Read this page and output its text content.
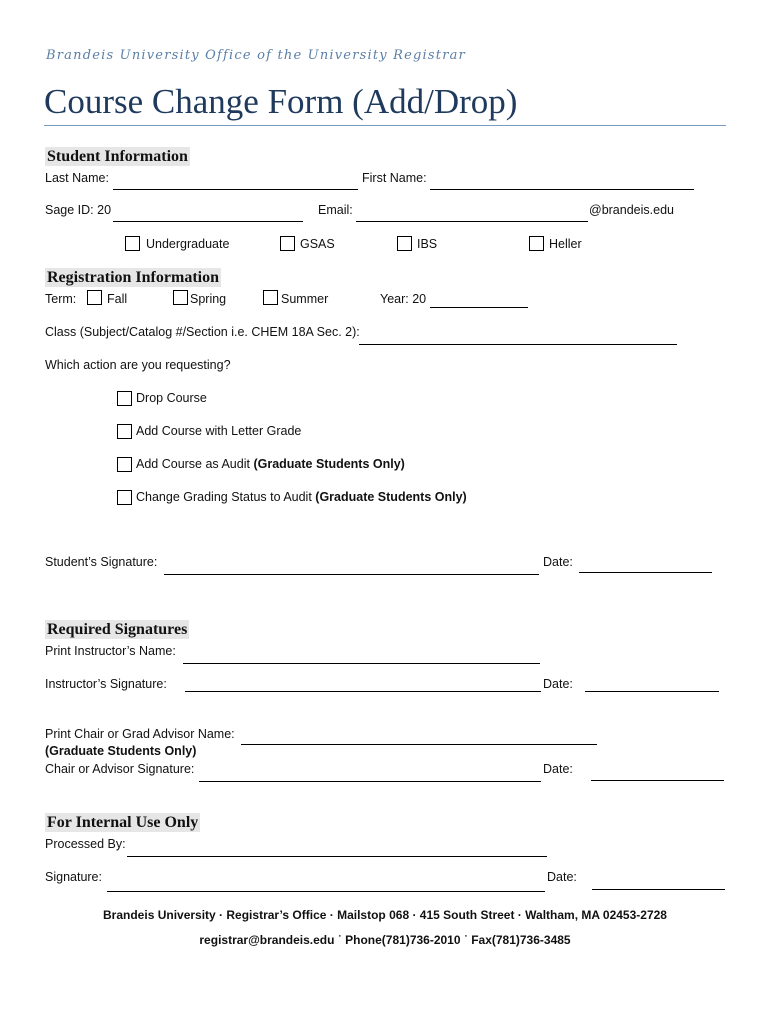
Brandeis University Office of the University Registrar
Course Change Form (Add/Drop)
Student Information
Last Name:	First Name:
Sage ID: 20	Email:	@brandeis.edu
Undergraduate	GSAS	IBS	Heller
Registration Information
Term: Fall	Spring	Summer	Year: 20
Class (Subject/Catalog #/Section i.e. CHEM 18A Sec. 2):
Which action are you requesting?
Drop Course
Add Course with Letter Grade
Add Course as Audit (Graduate Students Only)
Change Grading Status to Audit (Graduate Students Only)
Student’s Signature:	Date:
Required Signatures
Print Instructor’s Name:
Instructor’s Signature:	Date:
Print Chair or Grad Advisor Name:
(Graduate Students Only)
Chair or Advisor Signature:	Date:
For Internal Use Only
Processed By:
Signature:	Date:
Brandeis University · Registrar’s Office · Mailstop 068 · 415 South Street · Waltham, MA 02453-2728
registrar@brandeis.edu ˙ Phone(781)736-2010 ˙ Fax(781)736-3485
